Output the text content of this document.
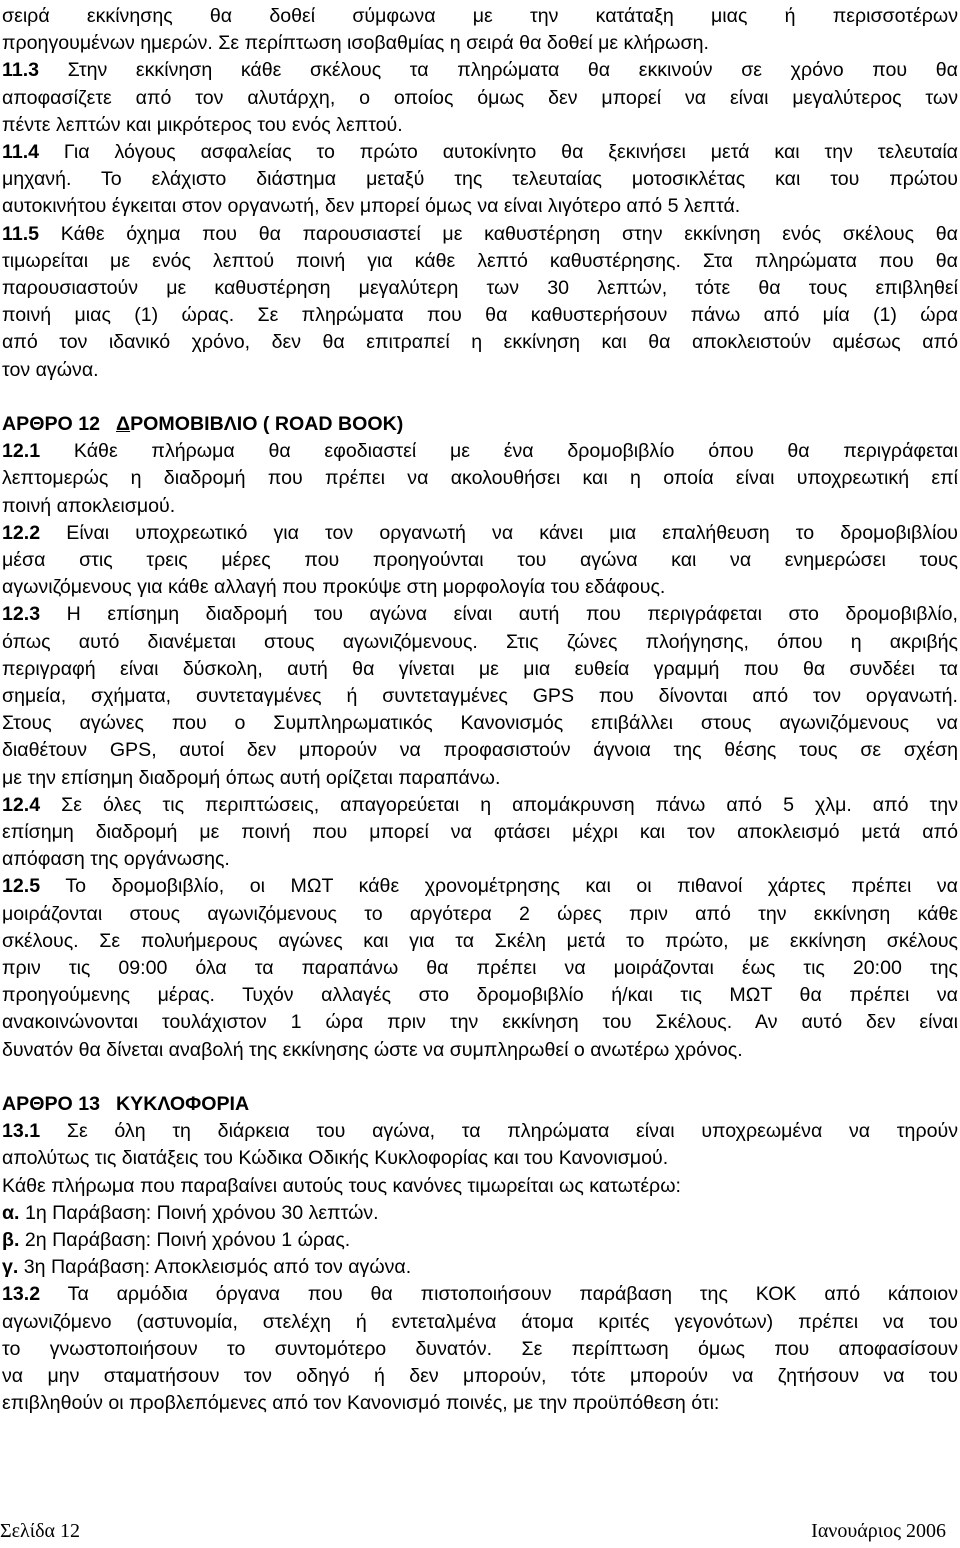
σειρά εκκίνησης θα δοθεί σύμφωνα με την κατάταξη μιας ή περισσοτέρων
προηγουμένων ημερών. Σε περίπτωση ισοβαθμίας η σειρά θα δοθεί με κλήρωση.
11.3 Στην εκκίνηση κάθε σκέλους τα πληρώματα θα εκκινούν σε χρόνο που θα
αποφασίζετε από τον αλυτάρχη, ο οποίος όμως δεν μπορεί να είναι μεγαλύτερος των
πέντε λεπτών και μικρότερος του ενός λεπτού.
11.4 Για λόγους ασφαλείας το πρώτο αυτοκίνητο θα ξεκινήσει μετά και την τελευταία
μηχανή. Το ελάχιστο διάστημα μεταξύ της τελευταίας μοτοσικλέτας και του πρώτου
αυτοκινήτου έγκειται στον οργανωτή, δεν μπορεί όμως να είναι λιγότερο από 5 λεπτά.
11.5 Κάθε όχημα που θα παρουσιαστεί με καθυστέρηση στην εκκίνηση ενός σκέλους θα
τιμωρείται με ενός λεπτού ποινή για κάθε λεπτό καθυστέρησης. Στα πληρώματα που θα
παρουσιαστούν με καθυστέρηση μεγαλύτερη των 30 λεπτών, τότε θα τους επιβληθεί
ποινή μιας (1) ώρας. Σε πληρώματα που θα καθυστερήσουν πάνω από μία (1) ώρα
από τον ιδανικό χρόνο, δεν θα επιτραπεί η εκκίνηση και θα αποκλειστούν αμέσως από
τον αγώνα.
ΑΡΘΡΟ 12 ΔΡΟΜΟΒΙΒΛΙΟ ( ROAD BOOK)
12.1 Κάθε πλήρωμα θα εφοδιαστεί με ένα δρομοβιβλίο όπου θα περιγράφεται
λεπτομερώς η διαδρομή που πρέπει να ακολουθήσει και η οποία είναι υποχρεωτική επί
ποινή αποκλεισμού.
12.2 Είναι υποχρεωτικό για τον οργανωτή να κάνει μια επαλήθευση το δρομοβιβλίου
μέσα στις τρεις μέρες που προηγούνται του αγώνα και να ενημερώσει τους
αγωνιζόμενους για κάθε αλλαγή που προκύψε στη μορφολογία του εδάφους.
12.3 Η επίσημη διαδρομή του αγώνα είναι αυτή που περιγράφεται στο δρομοβιβλίο,
όπως αυτό διανέμεται στους αγωνιζόμενους. Στις ζώνες πλοήγησης, όπου η ακριβής
περιγραφή είναι δύσκολη, αυτή θα γίνεται με μια ευθεία γραμμή που θα συνδέει τα
σημεία, σχήματα, συντεταγμένες ή συντεταγμένες GPS που δίνονται από τον οργανωτή.
Στους αγώνες που ο Συμπληρωματικός Κανονισμός επιβάλλει στους αγωνιζόμενους να
διαθέτουν GPS, αυτοί δεν μπορούν να προφασιστούν άγνοια της θέσης τους σε σχέση
με την επίσημη διαδρομή όπως αυτή ορίζεται παραπάνω.
12.4 Σε όλες τις περιπτώσεις, απαγορεύεται η απομάκρυνση πάνω από 5 χλμ. από την
επίσημη διαδρομή με ποινή που μπορεί να φτάσει μέχρι και τον αποκλεισμό μετά από
απόφαση της οργάνωσης.
12.5 Το δρομοβιβλίο, οι ΜΩΤ κάθε χρονομέτρησης και οι πιθανοί χάρτες πρέπει να
μοιράζονται στους αγωνιζόμενους το αργότερα 2 ώρες πριν από την εκκίνηση κάθε
σκέλους. Σε πολυήμερους αγώνες και για τα Σκέλη μετά το πρώτο, με εκκίνηση σκέλους
πριν τις 09:00 όλα τα παραπάνω θα πρέπει να μοιράζονται έως τις 20:00 της
προηγούμενης μέρας. Τυχόν αλλαγές στο δρομοβιβλίο ή/και τις ΜΩΤ θα πρέπει να
ανακοινώνονται τουλάχιστον 1 ώρα πριν την εκκίνηση του Σκέλους. Αν αυτό δεν είναι
δυνατόν θα δίνεται αναβολή της εκκίνησης ώστε να συμπληρωθεί ο ανωτέρω χρόνος.
ΑΡΘΡΟ 13 ΚΥΚΛΟΦΟΡΙΑ
13.1 Σε όλη τη διάρκεια του αγώνα, τα πληρώματα είναι υποχρεωμένα να τηρούν
απολύτως τις διατάξεις του Κώδικα Οδικής Κυκλοφορίας και του Κανονισμού.
Κάθε πλήρωμα που παραβαίνει αυτούς τους κανόνες τιμωρείται ως κατωτέρω:
α. 1η Παράβαση: Ποινή χρόνου 30 λεπτών.
β. 2η Παράβαση: Ποινή χρόνου 1 ώρας.
γ. 3η Παράβαση: Αποκλεισμός από τον αγώνα.
13.2 Τα αρμόδια όργανα που θα πιστοποιήσουν παράβαση της ΚΟΚ από κάποιον
αγωνιζόμενο (αστυνομία, στελέχη ή εντεταλμένα άτομα κριτές γεγονότων) πρέπει να του
το γνωστοποιήσουν το συντομότερο δυνατόν. Σε περίπτωση όμως που αποφασίσουν
να μην σταματήσουν τον οδηγό ή δεν μπορούν, τότε μπορούν να ζητήσουν να του
επιβληθούν οι προβλεπόμενες από τον Κανονισμό ποινές, με την προϋπόθεση ότι:
Σελίδα 12	Ιανουάριος 2006
